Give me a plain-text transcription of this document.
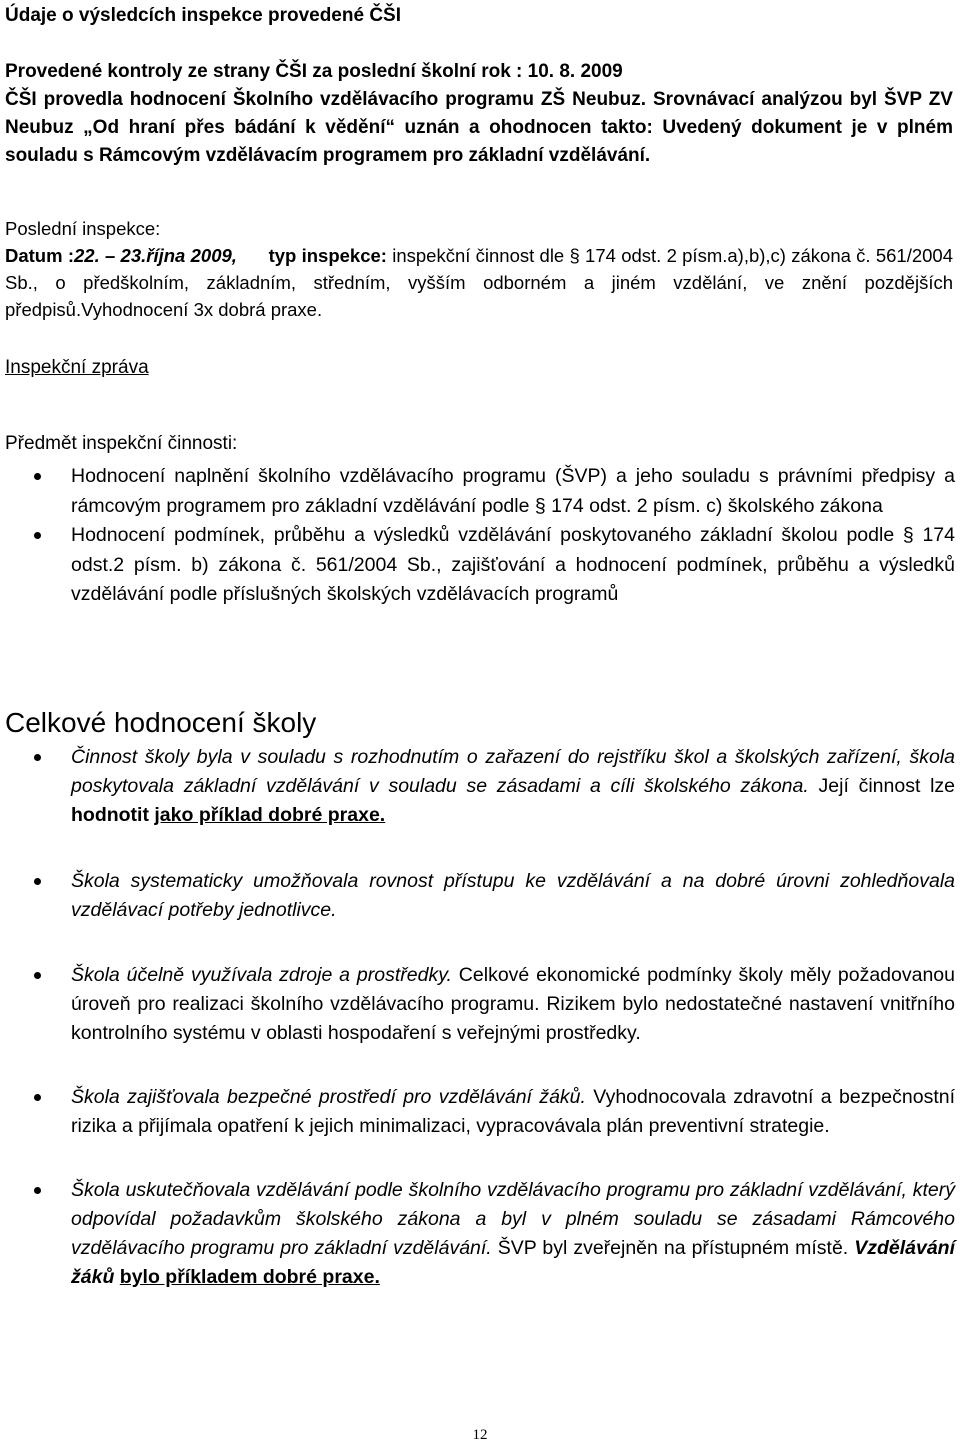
Údaje o výsledcích inspekce provedené ČŠI
Provedené kontroly ze strany ČŠI za poslední školní rok : 10. 8. 2009
ČŠI provedla hodnocení Školního vzdělávacího programu ZŠ Neubuz. Srovnávací analýzou byl ŠVP ZV Neubuz „Od hraní přes bádání k vědění“ uznán a ohodnocen takto: Uvedený dokument je v plném souladu s Rámcovým vzdělávacím programem pro základní vzdělávání.
Poslední inspekce:
Datum :22. – 23.října 2009, typ inspekce: inspekční činnost dle § 174 odst. 2 písm.a),b),c) zákona č. 561/2004 Sb., o předškolním, základním, středním, vyšším odborném a jiném vzdělání, ve znění pozdějších předpisů.Vyhodnocení 3x dobrá praxe.

Inspekční zpráva

Předmět inspekční činnosti:

Hodnocení naplnění školního vzdělávacího programu (ŠVP) a jeho souladu s právními předpisy a rámcovým programem pro základní vzdělávání podle § 174 odst. 2 písm. c) školského zákona
Hodnocení podmínek, průběhu a výsledků vzdělávání poskytovaného základní školou podle § 174 odst.2 písm. b) zákona č. 561/2004 Sb., zajišťování a hodnocení podmínek, průběhu a výsledků vzdělávání podle příslušných školských vzdělávacích programů
Celkové hodnocení školy
Činnost školy byla v souladu s rozhodnutím o zařazení do rejstříku škol a školských zařízení, škola poskytovala základní vzdělávání v souladu se zásadami a cíli školského zákona. Její činnost lze hodnotit jako příklad dobré praxe.
Škola systematicky umožňovala rovnost přístupu ke vzdělávání a na dobré úrovni zohledňovala vzdělávací potřeby jednotlivce.
Škola účelně využívala zdroje a prostředky. Celkové ekonomické podmínky školy měly požadovanou úroveň pro realizaci školního vzdělávacího programu. Rizikem bylo nedostatečné nastavení vnitřního kontrolního systému v oblasti hospodaření s veřejnými prostředky.
Škola zajišťovala bezpečné prostředí pro vzdělávání žáků. Vyhodnocovala zdravotní a bezpečnostní rizika a přijímala opatření k jejich minimalizaci, vypracovávala plán preventivní strategie.
Škola uskutečňovala vzdělávání podle školního vzdělávacího programu pro základní vzdělávání, který odpovídal požadavkům školského zákona a byl v plném souladu se zásadami Rámcového vzdělávacího programu pro základní vzdělávání. ŠVP byl zveřejněn na přístupném místě. Vzdělávání žáků bylo příkladem dobré praxe.

12
